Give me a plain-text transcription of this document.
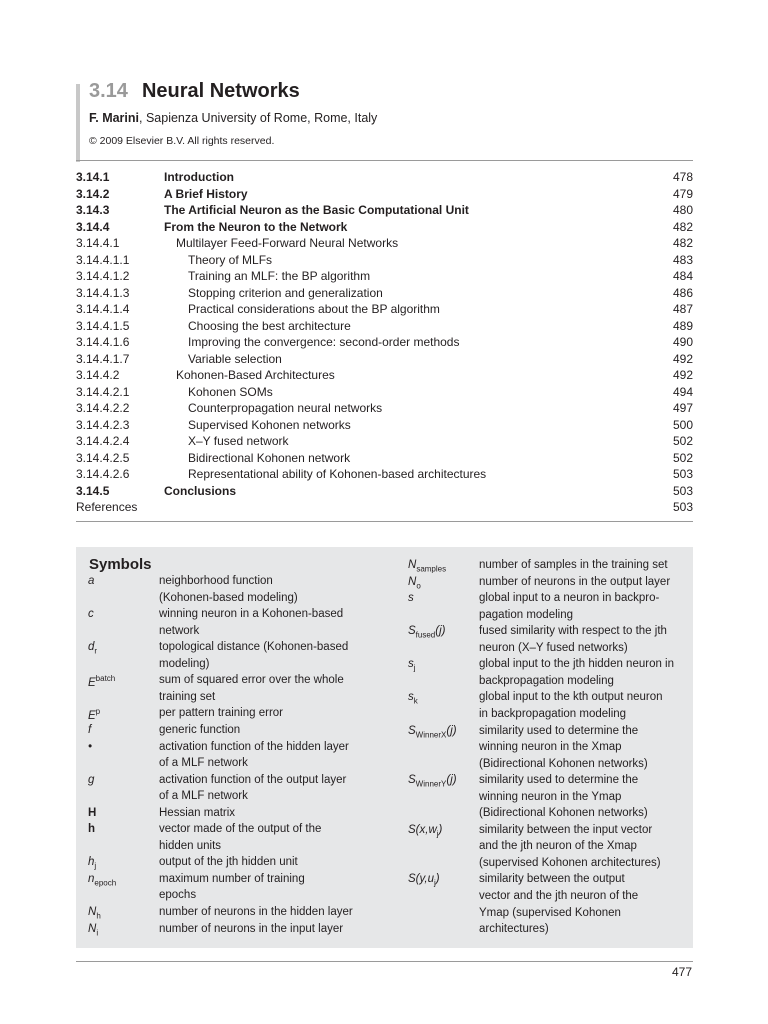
3.14 Neural Networks
F. Marini, Sapienza University of Rome, Rome, Italy
© 2009 Elsevier B.V. All rights reserved.
3.14.1	Introduction	478
3.14.2	A Brief History	479
3.14.3	The Artificial Neuron as the Basic Computational Unit	480
3.14.4	From the Neuron to the Network	482
3.14.4.1	Multilayer Feed-Forward Neural Networks	482
3.14.4.1.1	Theory of MLFs	483
3.14.4.1.2	Training an MLF: the BP algorithm	484
3.14.4.1.3	Stopping criterion and generalization	486
3.14.4.1.4	Practical considerations about the BP algorithm	487
3.14.4.1.5	Choosing the best architecture	489
3.14.4.1.6	Improving the convergence: second-order methods	490
3.14.4.1.7	Variable selection	492
3.14.4.2	Kohonen-Based Architectures	492
3.14.4.2.1	Kohonen SOMs	494
3.14.4.2.2	Counterpropagation neural networks	497
3.14.4.2.3	Supervised Kohonen networks	500
3.14.4.2.4	X–Y fused network	502
3.14.4.2.5	Bidirectional Kohonen network	502
3.14.4.2.6	Representational ability of Kohonen-based architectures	503
3.14.5	Conclusions	503
References	503
Symbols
a	neighborhood function
(Kohonen-based modeling)
c	winning neuron in a Kohonen-based
network
$d_r$	topological distance (Kohonen-based
modeling)
$E^{batch}$	sum of squared error over the whole
training set
$E^p$	per pattern training error
f	generic function
•	activation function of the hidden layer
of a MLF network
g	activation function of the output layer
of a MLF network
H	Hessian matrix
h	vector made of the output of the
hidden units
$h_j$	output of the jth hidden unit
$n_{epoch}$	maximum number of training
epochs
$N_h$	number of neurons in the hidden layer
$N_i$	number of neurons in the input layer
$N_{samples}$	number of samples in the training set
$N_o$	number of neurons in the output layer
s	global input to a neuron in backpro-
pagation modeling
$S_{fused}(j)$	fused similarity with respect to the jth
neuron (X–Y fused networks)
$s_j$	global input to the jth hidden neuron in
backpropagation modeling
$s_k$	global input to the kth output neuron
in backpropagation modeling
$S_{WinnerX}(j)$ similarity used to determine the
winning neuron in the Xmap
(Bidirectional Kohonen networks)
$S_{WinnerY}(j)$ similarity used to determine the
winning neuron in the Ymap
(Bidirectional Kohonen networks)
$S(x,w_j)$	similarity between the input vector
and the jth neuron of the Xmap
(supervised Kohonen architectures)
$S(y,u_j)$	similarity between the output
vector and the jth neuron of the
Ymap (supervised Kohonen
architectures)
477
